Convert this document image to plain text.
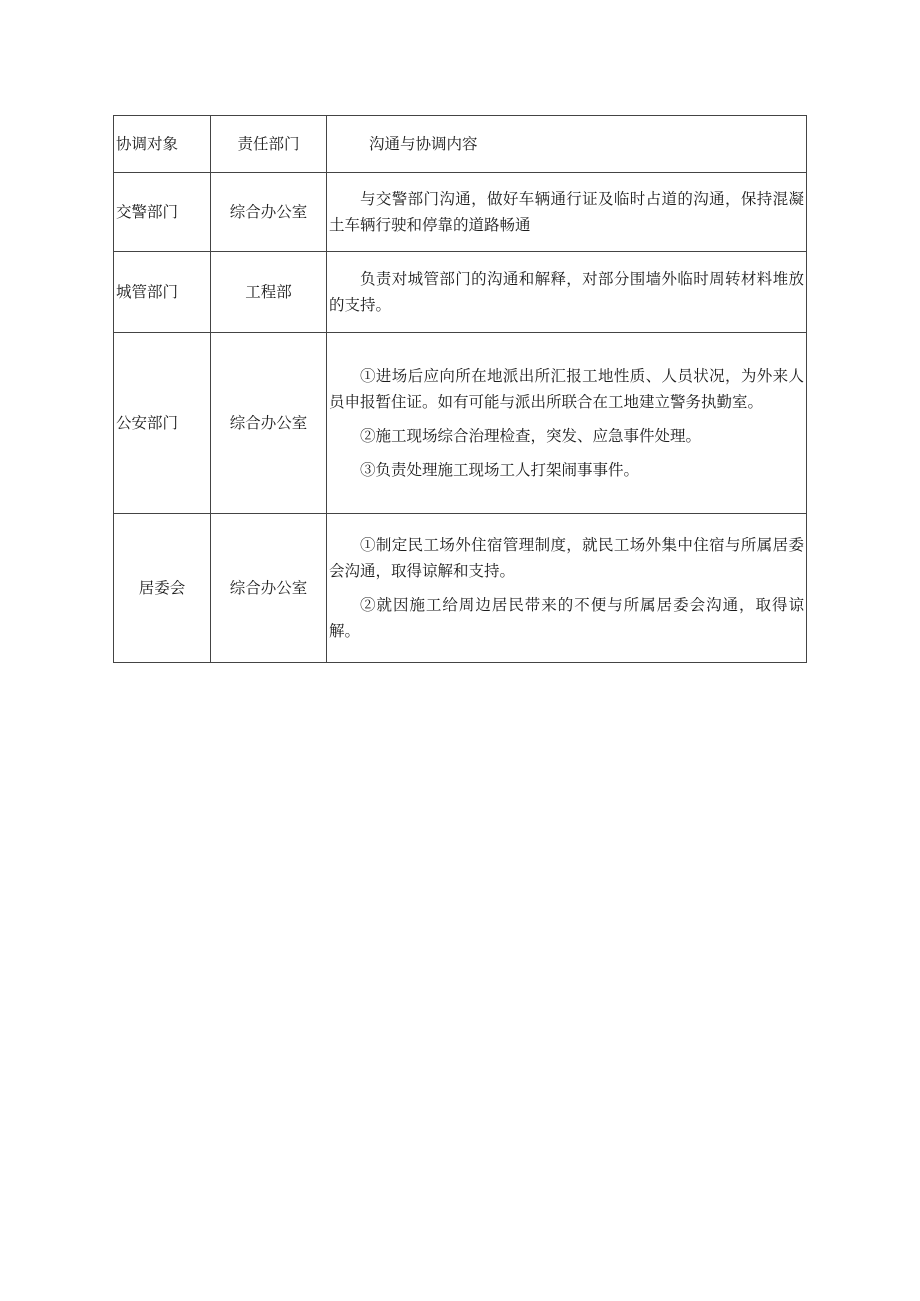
协调对象	责任部门	沟通与协调内容
交警部门	综合办公室	与交警部门沟通，做好车辆通行证及临时占道的沟通，保持混凝土车辆行驶和停靠的道路畅通

城管部门	工程部	负责对城管部门的沟通和解释，对部分围墙外临时周转材料堆放的支持。

公安部门	综合办公室	①进场后应向所在地派出所汇报工地性质、人员状况，为外来人员申报暂住证。如有可能与派出所联合在工地建立警务执勤室。

②施工现场综合治理检查，突发、应急事件处理。

③负责处理施工现场工人打架闹事事件。

居委会	综合办公室	①制定民工场外住宿管理制度，就民工场外集中住宿与所属居委会沟通，取得谅解和支持。

②就因施工给周边居民带来的不便与所属居委会沟通，取得谅解。
